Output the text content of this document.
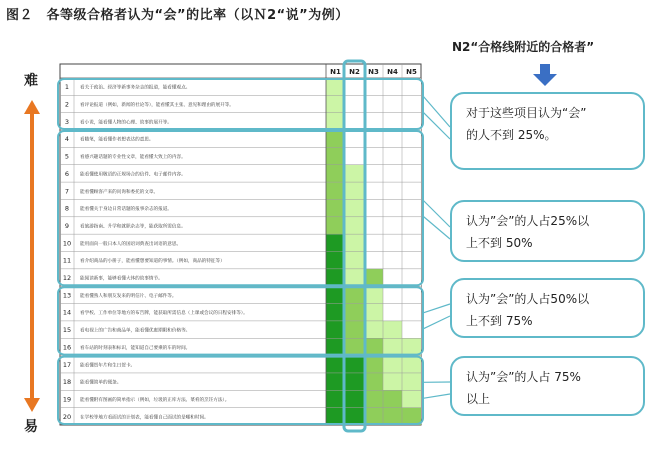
图２　各等级合格者认为“会”的比率（以Ｎ2“说”为例）
N2“合格线附近的合格者”
难
易
N1 N2 N3 N4 N5
1 看关于政治、经济等新事务杂志的报道，能看懂观点。
2 看评论报道（例如，新闻的社论等），能看懂其主张、意见和理由的展开等。
3 看小说，能看懂人物的心理、故事的展开等。
4 看随笔，能看懂作者想表达的意思。
5 看感兴趣话题的专业性文章，能看懂大致上的内容。
6 能看懂使用敬语的正规场合的信件、电子邮件内容。
7 能看懂顾客产来的问询和委托的文章。
8 能看懂关于身边日常话题的报事杂志的报道。
9 看旅游指南、升学和就职杂志等，能获取所需信息。
10 能用面向一般日本人的国语词典查出词语的意思。
11 看介绍商品的小册子，能看懂想要知道的事情。（例如，商品的特征等）
12 能阅读新事，能够看懂大体的故事情节。
13 能看懂熟人和朋友发来的明信片、电子邮件等。
14 看学校、工作单位等地方的布告牌，能获取所需信息（上课或会议的日程安排等）。
15 看电视上的广告和商品单，能看懂优惠期限和价格等。
16 看车站的时刻表和标识，能知道自己要乘的车的时间。
17 能看懂贺年片和生日贺卡。
18 能看懂简单的便条。
19 能看懂附有图画的简单指示（例如，垃圾的正库方法、菜肴的烹饪方法）。
20 在学校等地方看面试的计划表，能看懂自己面试的是哪和时间。
对于这些项目认为“会”
的人不到 25%。
认为”会”的人占25%以
上不到 50%
认为”会”的人占50%以
上不到 75%
认为”会”的人占 75%
以上
